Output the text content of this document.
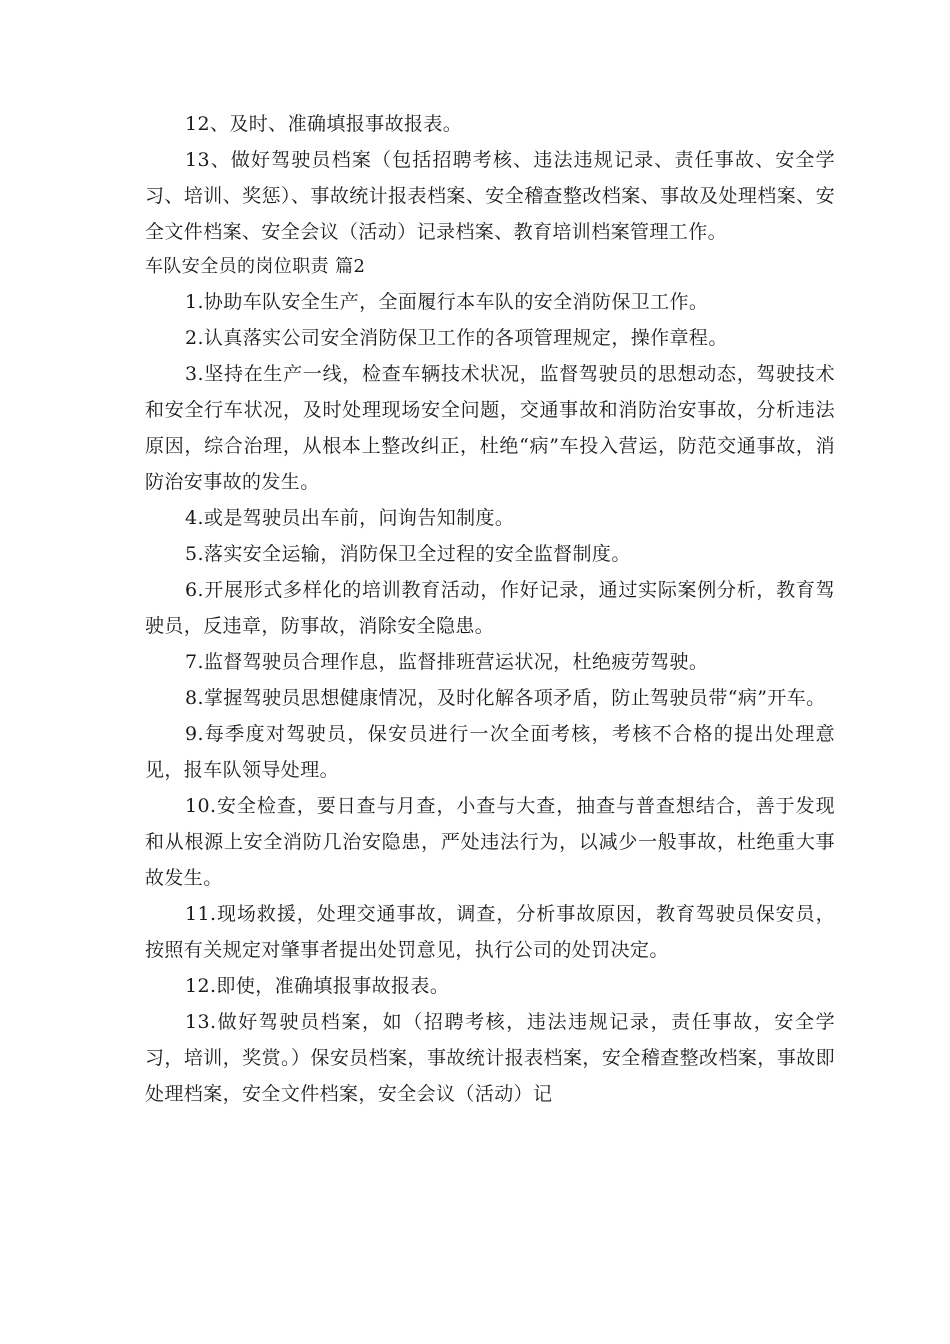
12、及时、准确填报事故报表。

13、做好驾驶员档案（包括招聘考核、违法违规记录、责任事故、安全学习、培训、奖惩）、事故统计报表档案、安全稽查整改档案、事故及处理档案、安全文件档案、安全会议（活动）记录档案、教育培训档案管理工作。

车队安全员的岗位职责 篇2

1.协助车队安全生产，全面履行本车队的安全消防保卫工作。

2.认真落实公司安全消防保卫工作的各项管理规定，操作章程。

3.坚持在生产一线，检查车辆技术状况，监督驾驶员的思想动态，驾驶技术和安全行车状况，及时处理现场安全问题，交通事故和消防治安事故，分析违法原因，综合治理，从根本上整改纠正，杜绝“病”车投入营运，防范交通事故，消防治安事故的发生。

4.或是驾驶员出车前，问询告知制度。

5.落实安全运输，消防保卫全过程的安全监督制度。

6.开展形式多样化的培训教育活动，作好记录，通过实际案例分析，教育驾驶员，反违章，防事故，消除安全隐患。

7.监督驾驶员合理作息，监督排班营运状况，杜绝疲劳驾驶。

8.掌握驾驶员思想健康情况，及时化解各项矛盾，防止驾驶员带“病”开车。

9.每季度对驾驶员，保安员进行一次全面考核，考核不合格的提出处理意见，报车队领导处理。

10.安全检查，要日查与月查，小查与大查，抽查与普查想结合，善于发现和从根源上安全消防几治安隐患，严处违法行为，以减少一般事故，杜绝重大事故发生。

11.现场救援，处理交通事故，调查，分析事故原因，教育驾驶员保安员，按照有关规定对肇事者提出处罚意见，执行公司的处罚决定。

12.即使，准确填报事故报表。

13.做好驾驶员档案，如（招聘考核，违法违规记录，责任事故，安全学习，培训，奖赏。）保安员档案，事故统计报表档案，安全稽查整改档案，事故即处理档案，安全文件档案，安全会议（活动）记
